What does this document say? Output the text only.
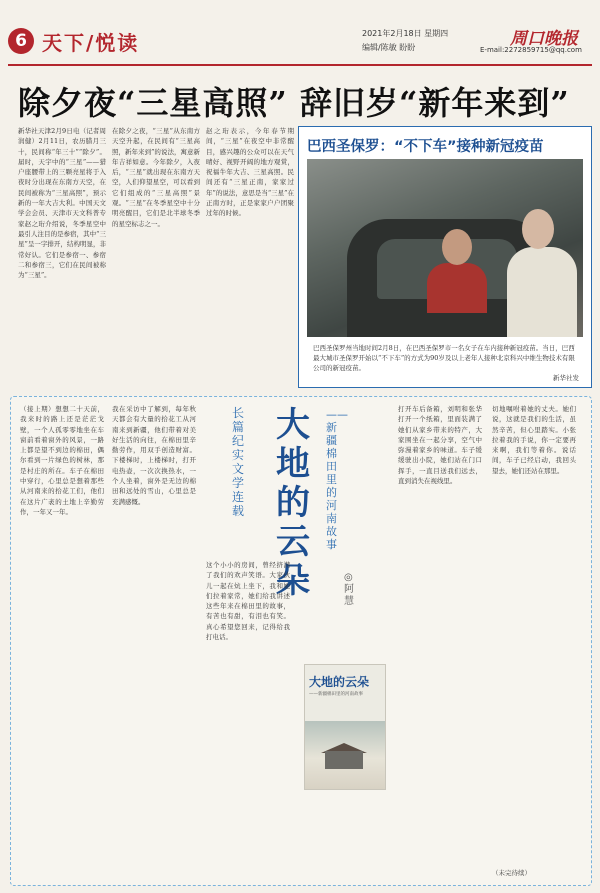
6 天下/悦读	2021年2月18日 星期四
编辑/陈敏 盼盼	周口晚报
E-mail:2272859715@qq.com
除夕夜“三星高照” 辞旧岁“新年来到”
新华社天津2月9日电（记者周润健）2月11日，农历腊月三十，民间称“年三十”“除夕”。届时，天宇中的“三星”——猎户座腰带上的三颗亮星将于入夜时分出现在东南方天空，在民间被称为“三星高照”，预示新的一年大吉大利。中国天文学会会员、天津市天文科普专家赵之珩介绍说，冬季星空中最引人注目的是参宿，其中“三星”呈一字排开，结构明显，非常好认。它们是参宿一、参宿二和参宿三，它们在民间被称为“三星”。
在除夕之夜，“三星”从东南方天空升起，在民间有“三星高照，新年来到”的说法，寓意新年吉祥如意。今年除夕，入夜后，“三星”就出现在东南方天空，人们仰望星空，可以看到它们组成的“三星高照”景观。“三星”在冬季星空中十分明亮醒目，它们是北半球冬季的星空标志之一。
赵之珩表示，今年春节期间，“三星”在夜空中非常醒目，感兴趣的公众可以在天气晴好、视野开阔的地方观赏，祝福牛年大吉、三星高照。民间还有“三星正南，家家过年”的说法，意思是当“三星”在正南方时，正是家家户户团聚过年的时候。
巴西圣保罗：“不下车”接种新冠疫苗
巴西圣保罗州当地时间2月8日，在巴西圣保罗市一名女子在车内接种新冠疫苗。当日，巴西最大城市圣保罗开始以“不下车”的方式为90岁及以上老年人接种北京科兴中维生物技术有限公司的新冠疫苗。
新华社发
长篇纪实文学连载
大地的云朵
——新疆棉田里的河南故事
◎阿慧
（接上期）想想二十天前，我来时的路上还是茫茫戈壁，一个人孤零零地坐在车窗前看着窗外的风景，一路上都是望不到边的棉田，偶尔看到一片绿色的树林，那是村庄的所在。车子在棉田中穿行，心里总是想着那些从河南来的拾花工们，他们在这片广袤的土地上辛勤劳作，一年又一年。
我在采访中了解到，每年秋天都会有大量的拾花工从河南来到新疆，他们带着对美好生活的向往，在棉田里辛勤劳作，用双手创造财富。下楼梯时，上楼梯时，打开电热壶，一次次换热水，一个人坐着，窗外是无边的棉田和远处的雪山，心里总是充满感慨。
这个小小的房间，曾经挤满了我们的欢声笑语。大家伙儿一起在炕上坐下，我和她们拉着家常，她们给我讲述这些年来在棉田里的故事，有苦也有甜，有泪也有笑。真心希望您回来，记得给我打电话。
打开车后备箱，刘明和张华打开一个纸箱，里面装满了她们从家乡带来的特产，大家围坐在一起分享，空气中弥漫着家乡的味道。车子缓缓驶出小院，她们站在门口挥手，一直目送我们远去，直到消失在视线里。
切地嘱咐着她的丈夫。她们说，这就是我们的生活，虽然辛苦，但心里踏实。小张拉着我的手说，你一定要再来啊，我们等着你。说话间，车子已经启动，我回头望去，她们还站在那里。
（未完待续）
大地的云朵
——新疆棉田里的河南故事
